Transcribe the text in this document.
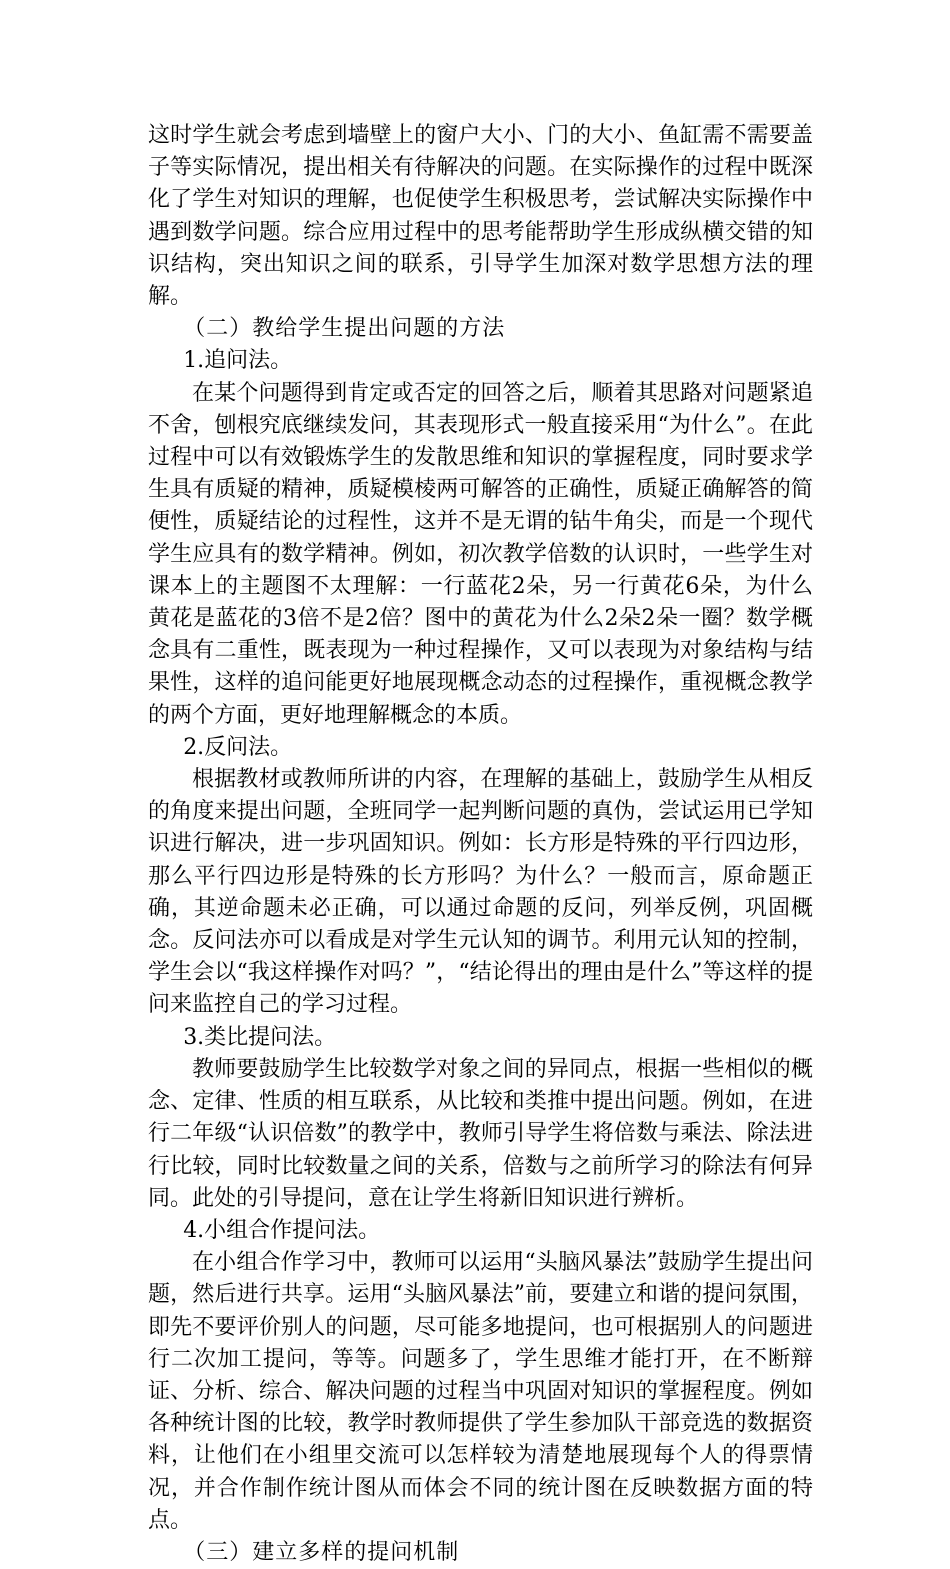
这时学生就会考虑到墙壁上的窗户大小、门的大小、鱼缸需不需要盖子等实际情况，提出相关有待解决的问题。在实际操作的过程中既深化了学生对知识的理解，也促使学生积极思考，尝试解决实际操作中遇到数学问题。综合应用过程中的思考能帮助学生形成纵横交错的知识结构，突出知识之间的联系，引导学生加深对数学思想方法的理解。

（二）教给学生提出问题的方法

1.追问法。

在某个问题得到肯定或否定的回答之后，顺着其思路对问题紧追不舍，刨根究底继续发问，其表现形式一般直接采用“为什么”。在此过程中可以有效锻炼学生的发散思维和知识的掌握程度，同时要求学生具有质疑的精神，质疑模棱两可解答的正确性，质疑正确解答的简便性，质疑结论的过程性，这并不是无谓的钻牛角尖，而是一个现代学生应具有的数学精神。例如，初次教学倍数的认识时，一些学生对课本上的主题图不太理解：一行蓝花2朵，另一行黄花6朵，为什么黄花是蓝花的3倍不是2倍？图中的黄花为什么2朵2朵一圈？数学概念具有二重性，既表现为一种过程操作，又可以表现为对象结构与结果性，这样的追问能更好地展现概念动态的过程操作，重视概念教学的两个方面，更好地理解概念的本质。

2.反问法。

根据教材或教师所讲的内容，在理解的基础上，鼓励学生从相反的角度来提出问题，全班同学一起判断问题的真伪，尝试运用已学知识进行解决，进一步巩固知识。例如：长方形是特殊的平行四边形，那么平行四边形是特殊的长方形吗？为什么？一般而言，原命题正确，其逆命题未必正确，可以通过命题的反问，列举反例，巩固概念。反问法亦可以看成是对学生元认知的调节。利用元认知的控制，学生会以“我这样操作对吗？”，“结论得出的理由是什么”等这样的提问来监控自己的学习过程。

3.类比提问法。

教师要鼓励学生比较数学对象之间的异同点，根据一些相似的概念、定律、性质的相互联系，从比较和类推中提出问题。例如，在进行二年级“认识倍数”的教学中，教师引导学生将倍数与乘法、除法进行比较，同时比较数量之间的关系，倍数与之前所学习的除法有何异同。此处的引导提问，意在让学生将新旧知识进行辨析。

4.小组合作提问法。

在小组合作学习中，教师可以运用“头脑风暴法”鼓励学生提出问题，然后进行共享。运用“头脑风暴法”前，要建立和谐的提问氛围，即先不要评价别人的问题，尽可能多地提问，也可根据别人的问题进行二次加工提问，等等。问题多了，学生思维才能打开，在不断辩证、分析、综合、解决问题的过程当中巩固对知识的掌握程度。例如各种统计图的比较，教学时教师提供了学生参加队干部竞选的数据资料，让他们在小组里交流可以怎样较为清楚地展现每个人的得票情况，并合作制作统计图从而体会不同的统计图在反映数据方面的特点。

（三）建立多样的提问机制
